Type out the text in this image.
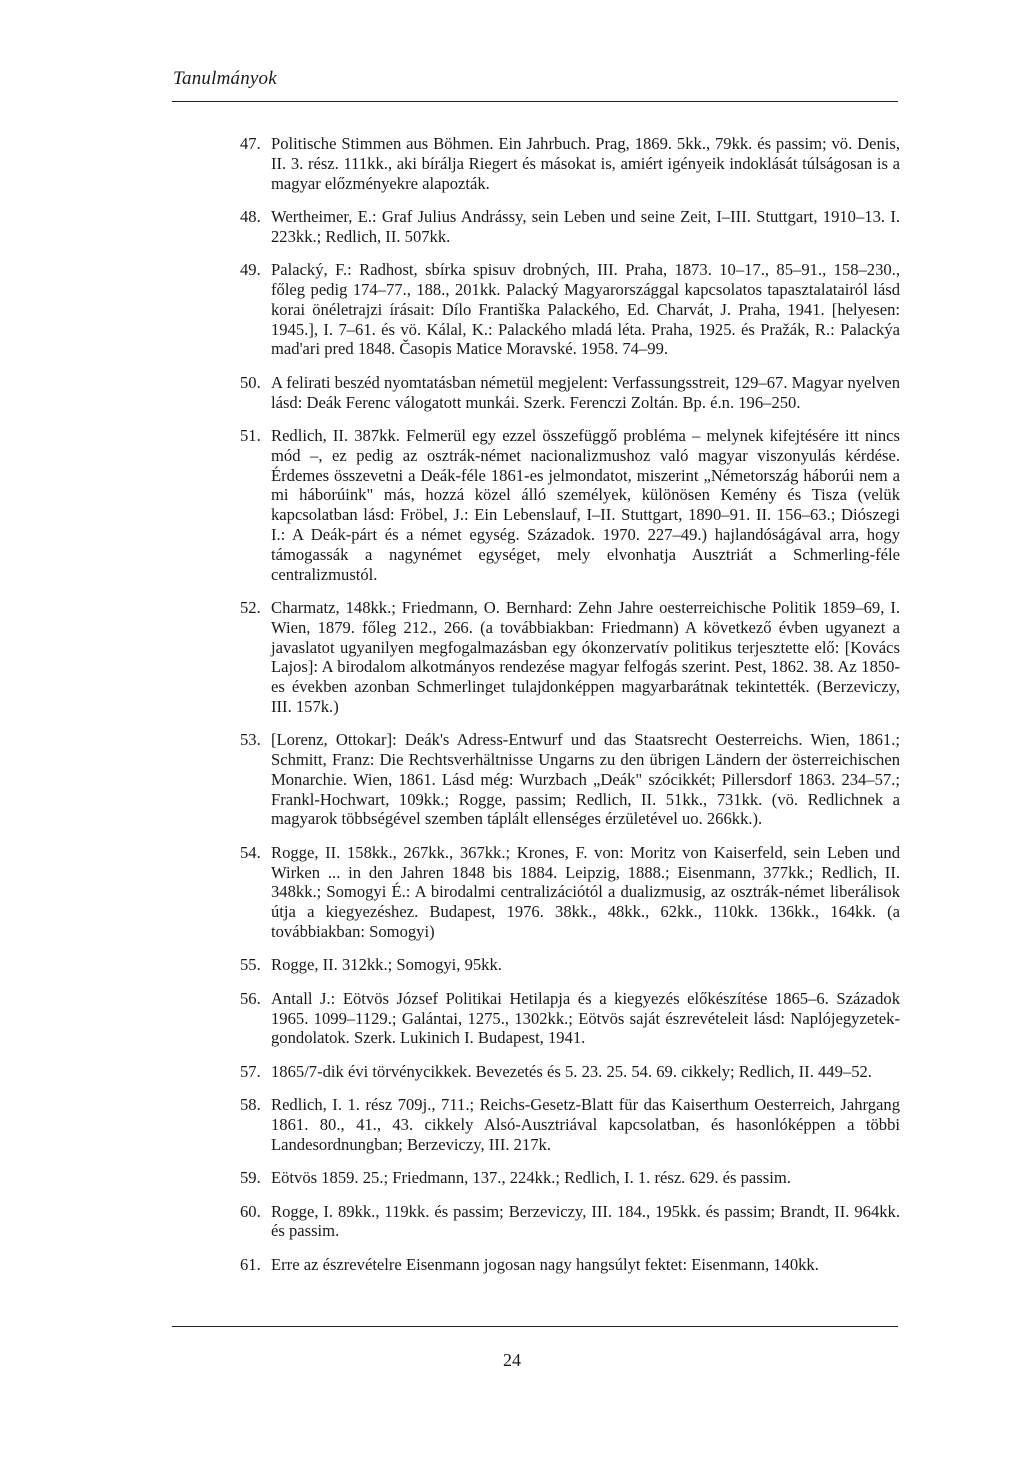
Tanulmányok
47. Politische Stimmen aus Böhmen. Ein Jahrbuch. Prag, 1869. 5kk., 79kk. és passim; vö. Denis, II. 3. rész. 111kk., aki bírálja Riegert és másokat is, amiért igényeik indoklását túlságosan is a magyar előzményekre alapozták.
48. Wertheimer, E.: Graf Julius Andrássy, sein Leben und seine Zeit, I–III. Stuttgart, 1910–13. I. 223kk.; Redlich, II. 507kk.
49. Palacký, F.: Radhost, sbírka spisuv drobných, III. Praha, 1873. 10–17., 85–91., 158–230., főleg pedig 174–77., 188., 201kk. Palacký Magyarországgal kapcsolatos tapasztalatairól lásd korai önéletrajzi írásait: Dílo Františka Palackého, Ed. Charvát, J. Praha, 1941. [helyesen: 1945.], I. 7–61. és vö. Kálal, K.: Palackého mladá léta. Praha, 1925. és Pražák, R.: Palackýa mad'ari pred 1848. Časopis Matice Moravské. 1958. 74–99.
50. A felirati beszéd nyomtatásban németül megjelent: Verfassungsstreit, 129–67. Magyar nyelven lásd: Deák Ferenc válogatott munkái. Szerk. Ferenczi Zoltán. Bp. é.n. 196–250.
51. Redlich, II. 387kk. Felmerül egy ezzel összefüggő probléma – melynek kifejtésére itt nincs mód –, ez pedig az osztrák-német nacionalizmushoz való magyar viszonyulás kérdése. Érdemes összevetni a Deák-féle 1861-es jelmondatot, miszerint „Németország háborúi nem a mi háborúink" más, hozzá közel álló személyek, különösen Kemény és Tisza (velük kapcsolatban lásd: Fröbel, J.: Ein Lebenslauf, I–II. Stuttgart, 1890–91. II. 156–63.; Diószegi I.: A Deák-párt és a német egység. Századok. 1970. 227–49.) hajlandóságával arra, hogy támogassák a nagynémet egységet, mely elvonhatja Ausztriát a Schmerling-féle centralizmustól.
52. Charmatz, 148kk.; Friedmann, O. Bernhard: Zehn Jahre oesterreichische Politik 1859–69, I. Wien, 1879. főleg 212., 266. (a továbbiakban: Friedmann) A következő évben ugyanezt a javaslatot ugyanilyen megfogalmazásban egy ókonzervatív politikus terjesztette elő: [Kovács Lajos]: A birodalom alkotmányos rendezése magyar felfogás szerint. Pest, 1862. 38. Az 1850-es években azonban Schmerlinget tulajdonképpen magyarbarátnak tekintették. (Berzeviczy, III. 157k.)
53. [Lorenz, Ottokar]: Deák's Adress-Entwurf und das Staatsrecht Oesterreichs. Wien, 1861.; Schmitt, Franz: Die Rechtsverhältnisse Ungarns zu den übrigen Ländern der österreichischen Monarchie. Wien, 1861. Lásd még: Wurzbach „Deák" szócikkét; Pillersdorf 1863. 234–57.; Frankl-Hochwart, 109kk.; Rogge, passim; Redlich, II. 51kk., 731kk. (vö. Redlichnek a magyarok többségével szemben táplált ellenséges érzületével uo. 266kk.).
54. Rogge, II. 158kk., 267kk., 367kk.; Krones, F. von: Moritz von Kaiserfeld, sein Leben und Wirken ... in den Jahren 1848 bis 1884. Leipzig, 1888.; Eisenmann, 377kk.; Redlich, II. 348kk.; Somogyi É.: A birodalmi centralizációtól a dualizmusig, az osztrák-német liberálisok útja a kiegyezéshez. Budapest, 1976. 38kk., 48kk., 62kk., 110kk. 136kk., 164kk. (a továbbiakban: Somogyi)
55. Rogge, II. 312kk.; Somogyi, 95kk.
56. Antall J.: Eötvös József Politikai Hetilapja és a kiegyezés előkészítése 1865–6. Századok 1965. 1099–1129.; Galántai, 1275., 1302kk.; Eötvös saját észrevételeit lásd: Naplójegyzetek-gondolatok. Szerk. Lukinich I. Budapest, 1941.
57. 1865/7-dik évi törvénycikkek. Bevezetés és 5. 23. 25. 54. 69. cikkely; Redlich, II. 449–52.
58. Redlich, I. 1. rész 709j., 711.; Reichs-Gesetz-Blatt für das Kaiserthum Oesterreich, Jahrgang 1861. 80., 41., 43. cikkely Alsó-Ausztriával kapcsolatban, és hasonlóképpen a többi Landesordnungban; Berzeviczy, III. 217k.
59. Eötvös 1859. 25.; Friedmann, 137., 224kk.; Redlich, I. 1. rész. 629. és passim.
60. Rogge, I. 89kk., 119kk. és passim; Berzeviczy, III. 184., 195kk. és passim; Brandt, II. 964kk. és passim.
61. Erre az észrevételre Eisenmann jogosan nagy hangsúlyt fektet: Eisenmann, 140kk.
24
